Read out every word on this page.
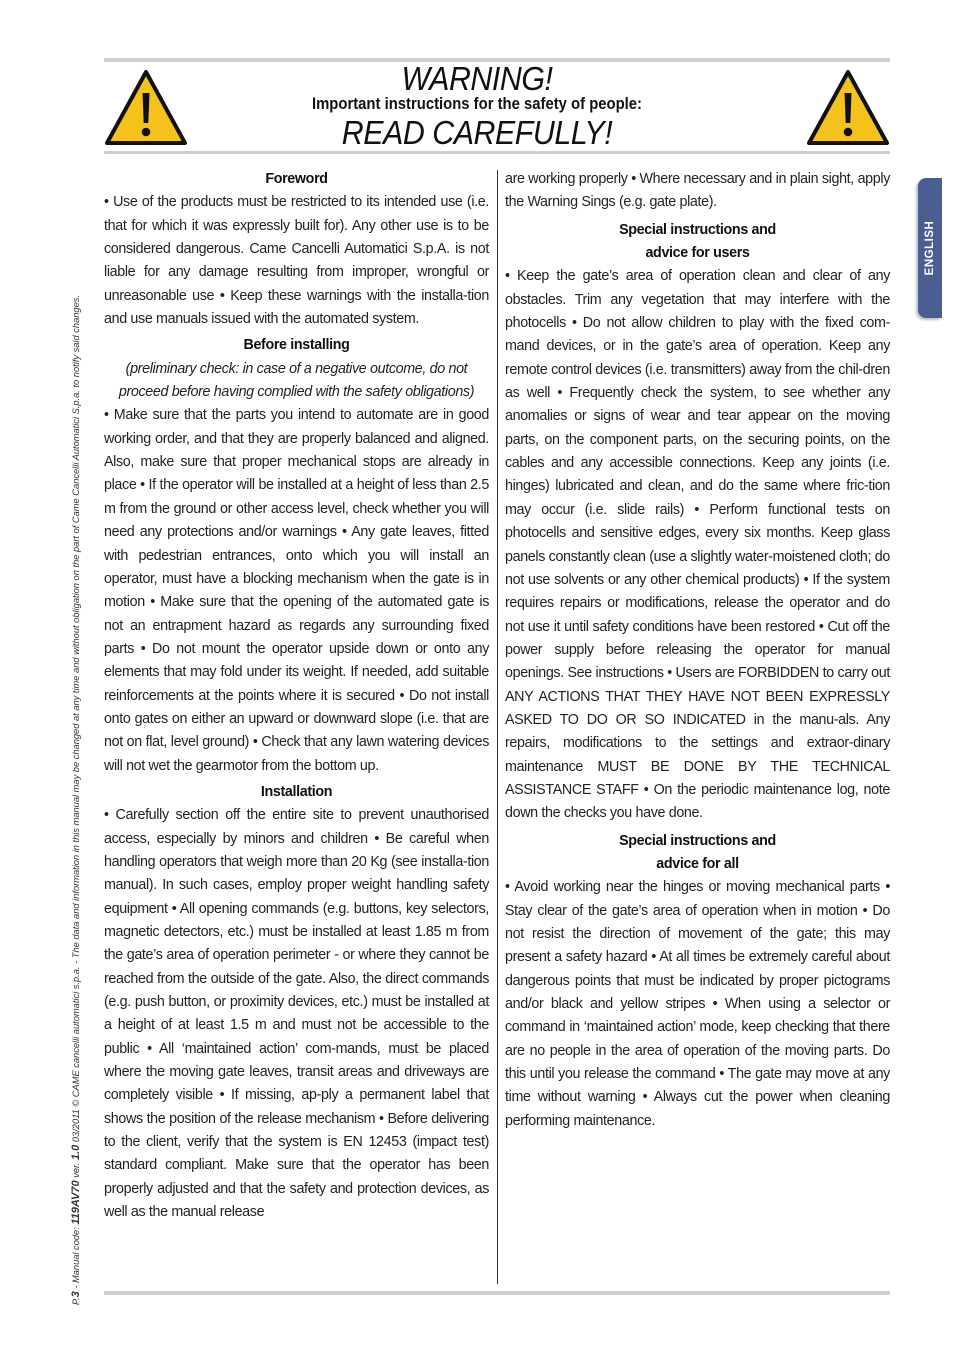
WARNING!
Important instructions for the safety of people:
READ CAREFULLY!
ENGLISH
P.3 - Manual code: 119AV70 ver. 1.0 03/2011 © CAME cancelli automatici s.p.a. - The data and information in this manual may be changed at any time and without obligation on the part of Came Cancelli Automatici S.p.a. to notify said changes.
Foreword

• Use of the products must be restricted to its intended use (i.e. that for which it was expressly built for). Any other use is to be considered dangerous. Came Cancelli Automatici S.p.A. is not liable for any damage resulting from improper, wrongful or unreasonable use • Keep these warnings with the installa-tion and use manuals issued with the automated system.

Before installing

(preliminary check: in case of a negative outcome, do not proceed before having complied with the safety obligations)

• Make sure that the parts you intend to automate are in good working order, and that they are properly balanced and aligned. Also, make sure that proper mechanical stops are already in place • If the operator will be installed at a height of less than 2.5 m from the ground or other access level, check whether you will need any protections and/or warnings • Any gate leaves, fitted with pedestrian entrances, onto which you will install an operator, must have a blocking mechanism when the gate is in motion • Make sure that the opening of the automated gate is not an entrapment hazard as regards any surrounding fixed parts • Do not mount the operator upside down or onto any elements that may fold under its weight. If needed, add suitable reinforcements at the points where it is secured • Do not install onto gates on either an upward or downward slope (i.e. that are not on flat, level ground) • Check that any lawn watering devices will not wet the gearmotor from the bottom up.

Installation

• Carefully section off the entire site to prevent unauthorised access, especially by minors and children • Be careful when handling operators that weigh more than 20 Kg (see installa-tion manual). In such cases, employ proper weight handling safety equipment • All opening commands (e.g. buttons, key selectors, magnetic detectors, etc.) must be installed at least 1.85 m from the gate’s area of operation perimeter - or where they cannot be reached from the outside of the gate. Also, the direct commands (e.g. push button, or proximity devices, etc.) must be installed at a height of at least 1.5 m and must not be accessible to the public • All ‘maintained action’ com-mands, must be placed where the moving gate leaves, transit areas and driveways are completely visible • If missing, ap-ply a permanent label that shows the position of the release mechanism • Before delivering to the client, verify that the system is EN 12453 (impact test) standard compliant. Make sure that the operator has been properly adjusted and that the safety and protection devices, as well as the manual release

are working properly • Where necessary and in plain sight, apply the Warning Sings (e.g. gate plate).

Special instructions and
advice for users

• Keep the gate’s area of operation clean and clear of any obstacles. Trim any vegetation that may interfere with the photocells • Do not allow children to play with the fixed com-mand devices, or in the gate’s area of operation. Keep any remote control devices (i.e. transmitters) away from the chil-dren as well • Frequently check the system, to see whether any anomalies or signs of wear and tear appear on the moving parts, on the component parts, on the securing points, on the cables and any accessible connections. Keep any joints (i.e. hinges) lubricated and clean, and do the same where fric-tion may occur (i.e. slide rails) • Perform functional tests on photocells and sensitive edges, every six months. Keep glass panels constantly clean (use a slightly water-moistened cloth; do not use solvents or any other chemical products) • If the system requires repairs or modifications, release the operator and do not use it until safety conditions have been restored • Cut off the power supply before releasing the operator for manual openings. See instructions • Users are FORBIDDEN to carry out ANY ACTIONS THAT THEY HAVE NOT BEEN EXPRESSLY ASKED TO DO OR SO INDICATED in the manu-als. Any repairs, modifications to the settings and extraor-dinary maintenance MUST BE DONE BY THE TECHNICAL ASSISTANCE STAFF • On the periodic maintenance log, note down the checks you have done.

Special instructions and
advice for all

• Avoid working near the hinges or moving mechanical parts • Stay clear of the gate’s area of operation when in motion • Do not resist the direction of movement of the gate; this may present a safety hazard • At all times be extremely careful about dangerous points that must be indicated by proper pictograms and/or black and yellow stripes • When using a selector or command in ‘maintained action’ mode, keep checking that there are no people in the area of operation of the moving parts. Do this until you release the command • The gate may move at any time without warning • Always cut the power when cleaning performing maintenance.
